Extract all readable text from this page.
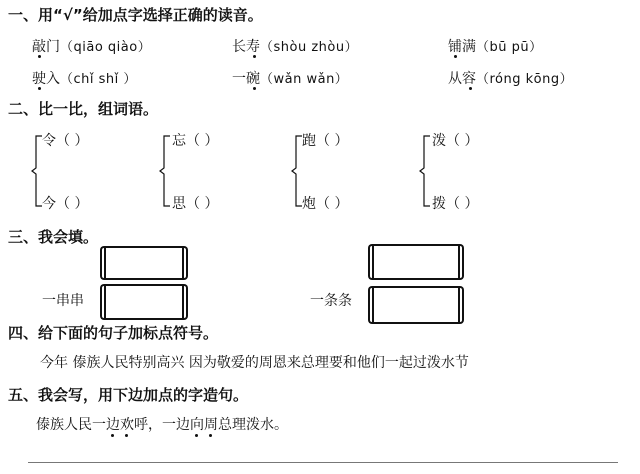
一、用“√”给加点字选择正确的读音。
敲门（qiāo qiào）	长寿（shòu zhòu）	铺满（bū pū）
驶入（chǐ shǐ ）	一碗（wǎn wǎn）	从容（róng kōng）
二、比一比，组词语。
令（ ）
今（ ）
忘（ ）
思（ ）
跑（ ）
炮（ ）
泼（ ）
拨（ ）
三、我会填。
一串串	一条条
四、给下面的句子加标点符号。
今年 傣族人民特别高兴 因为敬爱的周恩来总理要和他们一起过泼水节
五、我会写，用下边加点的字造句。
傣族人民一边欢呼，一边向周总理泼水。
